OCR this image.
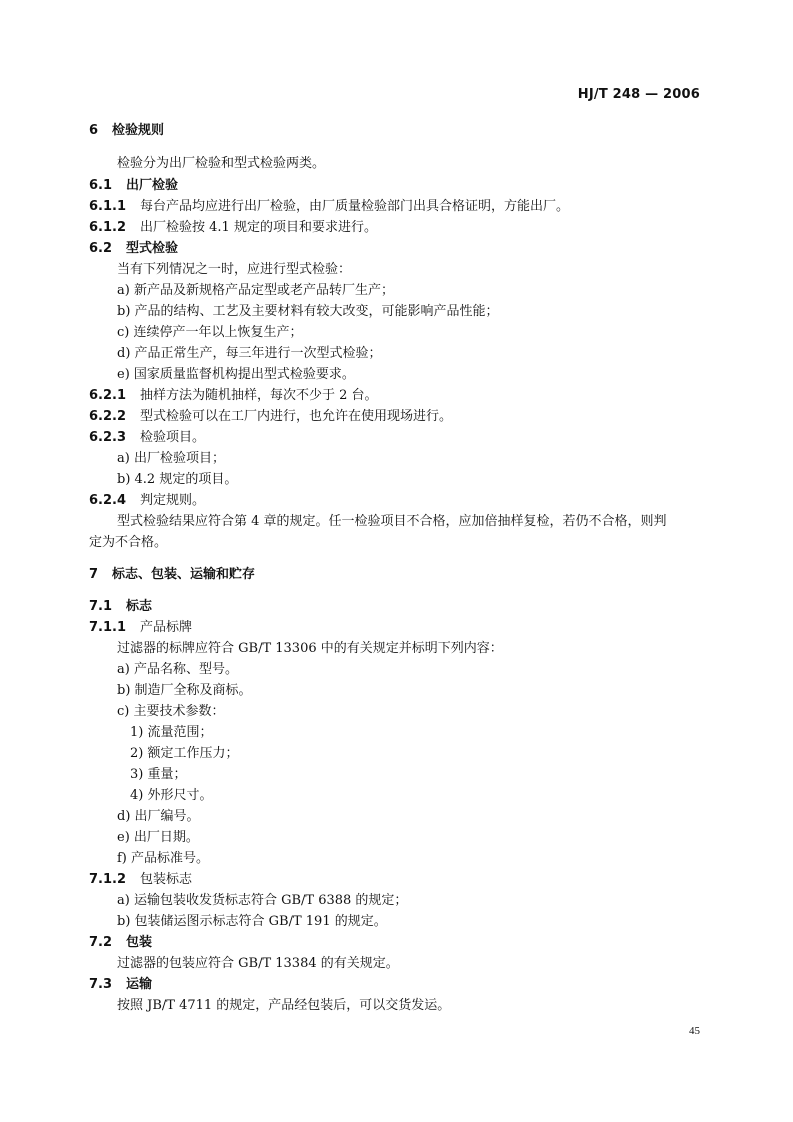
HJ/T 248 — 2006
6 检验规则
检验分为出厂检验和型式检验两类。
6.1 出厂检验
6.1.1 每台产品均应进行出厂检验，由厂质量检验部门出具合格证明，方能出厂。
6.1.2 出厂检验按 4.1 规定的项目和要求进行。
6.2 型式检验
当有下列情况之一时，应进行型式检验：
a) 新产品及新规格产品定型或老产品转厂生产；
b) 产品的结构、工艺及主要材料有较大改变，可能影响产品性能；
c) 连续停产一年以上恢复生产；
d) 产品正常生产，每三年进行一次型式检验；
e) 国家质量监督机构提出型式检验要求。
6.2.1 抽样方法为随机抽样，每次不少于 2 台。
6.2.2 型式检验可以在工厂内进行，也允许在使用现场进行。
6.2.3 检验项目。
a) 出厂检验项目；
b) 4.2 规定的项目。
6.2.4 判定规则。
型式检验结果应符合第 4 章的规定。任一检验项目不合格，应加倍抽样复检，若仍不合格，则判
定为不合格。
7 标志、包装、运输和贮存
7.1 标志
7.1.1 产品标牌
过滤器的标牌应符合 GB/T 13306 中的有关规定并标明下列内容：
a) 产品名称、型号。
b) 制造厂全称及商标。
c) 主要技术参数：
1) 流量范围；
2) 额定工作压力；
3) 重量；
4) 外形尺寸。
d) 出厂编号。
e) 出厂日期。
f) 产品标准号。
7.1.2 包装标志
a) 运输包装收发货标志符合 GB/T 6388 的规定；
b) 包装储运图示标志符合 GB/T 191 的规定。
7.2 包装
过滤器的包装应符合 GB/T 13384 的有关规定。
7.3 运输
按照 JB/T 4711 的规定，产品经包装后，可以交货发运。
45
